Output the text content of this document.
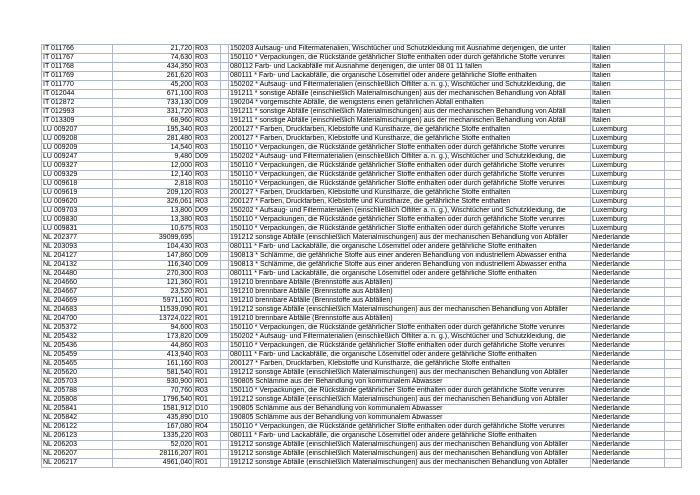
IT 011766	21,720	R03		150203 Aufsaug- und Filtermaterialien, Wischtücher und Schutzkleidung mit Ausnahme derjenigen, die unter	Italien	
IT 011767	74,630	R03		150110 * Verpackungen, die Rückstände gefährlicher Stoffe enthalten oder durch gefährliche Stoffe verunrei	Italien	
IT 011768	434,350	R03		080112 Farb- und Lackabfälle mit Ausnahme derjenigen, die unter 08 01 11 fallen	Italien	
IT 011769	261,620	R03		080111 * Farb- und Lackabfälle, die organische Lösemittel oder andere gefährliche Stoffe enthalten	Italien	
IT 011770	45,200	R03		150202 * Aufsaug- und Filtermaterialien (einschließlich Ölfilter a. n. g.), Wischtücher und Schutzkleidung, die	Italien	
IT 012044	671,100	R03		191211 * sonstige Abfälle (einschließlich Materialmischungen) aus der mechanischen Behandlung von Abfäll	Italien	
IT 012872	733,130	D09		190204 * vorgemischte Abfälle, die wenigstens einen gefährlichen Abfall enthalten	Italien	
IT 012993	331,720	R03		191211 * sonstige Abfälle (einschließlich Materialmischungen) aus der mechanischen Behandlung von Abfäll	Italien	
IT 013309	68,960	R03		191211 * sonstige Abfälle (einschließlich Materialmischungen) aus der mechanischen Behandlung von Abfäll	Italien	
LU 009207	195,340	R03		200127 * Farben, Druckfarben, Klebstoffe und Kunstharze, die gefährliche Stoffe enthalten	Luxemburg	
LU 009208	281,480	R03		200127 * Farben, Druckfarben, Klebstoffe und Kunstharze, die gefährliche Stoffe enthalten	Luxemburg	
LU 009209	14,540	R03		150110 * Verpackungen, die Rückstände gefährlicher Stoffe enthalten oder durch gefährliche Stoffe verunrei	Luxemburg	
LU 009247	9,480	D09		150202 * Aufsaug- und Filtermaterialien (einschließlich Ölfilter a. n. g.), Wischtücher und Schutzkleidung, die	Luxemburg	
LU 009327	12,000	R03		150110 * Verpackungen, die Rückstände gefährlicher Stoffe enthalten oder durch gefährliche Stoffe verunrei	Luxemburg	
LU 009329	12,140	R03		150110 * Verpackungen, die Rückstände gefährlicher Stoffe enthalten oder durch gefährliche Stoffe verunrei	Luxemburg	
LU 009618	2,818	R03		150110 * Verpackungen, die Rückstände gefährlicher Stoffe enthalten oder durch gefährliche Stoffe verunrei	Luxemburg	
LU 009619	209,120	R03		200127 * Farben, Druckfarben, Klebstoffe und Kunstharze, die gefährliche Stoffe enthalten	Luxemburg	
LU 009620	326,061	R03		200127 * Farben, Druckfarben, Klebstoffe und Kunstharze, die gefährliche Stoffe enthalten	Luxemburg	
LU 009703	13,800	D09		150202 * Aufsaug- und Filtermaterialien (einschließlich Ölfilter a. n. g.), Wischtücher und Schutzkleidung, die	Luxemburg	
LU 009830	13,380	R03		150110 * Verpackungen, die Rückstände gefährlicher Stoffe enthalten oder durch gefährliche Stoffe verunrei	Luxemburg	
LU 009831	10,675	R03		150110 * Verpackungen, die Rückstände gefährlicher Stoffe enthalten oder durch gefährliche Stoffe verunrei	Luxemburg	
NL 202377	39099,695			191212 sonstige Abfälle (einschließlich Materialmischungen) aus der mechanischen Behandlung von Abfäller	Niederlande	
NL 203093	104,430	R03		080111 * Farb- und Lackabfälle, die organische Lösemittel oder andere gefährliche Stoffe enthalten	Niederlande	
NL 204127	147,860	D09		190813 * Schlämme, die gefährliche Stoffe aus einer anderen Behandlung von industriellem Abwasser entha	Niederlande	
NL 204132	116,340	D09		190813 * Schlämme, die gefährliche Stoffe aus einer anderen Behandlung von industriellem Abwasser entha	Niederlande	
NL 204480	270,300	R03		080111 * Farb- und Lackabfälle, die organische Lösemittel oder andere gefährliche Stoffe enthalten	Niederlande	
NL 204660	121,360	R01		191210 brennbare Abfälle (Brennstoffe aus Abfällen)	Niederlande	
NL 204667	23,520	R01		191210 brennbare Abfälle (Brennstoffe aus Abfällen)	Niederlande	
NL 204669	5971,160	R01		191210 brennbare Abfälle (Brennstoffe aus Abfällen)	Niederlande	
NL 204683	11539,090	R01		191212 sonstige Abfälle (einschließlich Materialmischungen) aus der mechanischen Behandlung von Abfäller	Niederlande	
NL 204700	13724,022	R01		191210 brennbare Abfälle (Brennstoffe aus Abfällen)	Niederlande	
NL 205372	94,600	R03		150110 * Verpackungen, die Rückstände gefährlicher Stoffe enthalten oder durch gefährliche Stoffe verunrei	Niederlande	
NL 205432	173,820	D09		150202 * Aufsaug- und Filtermaterialien (einschließlich Ölfilter a. n. g.), Wischtücher und Schutzkleidung, die	Niederlande	
NL 205436	44,860	R03		150110 * Verpackungen, die Rückstände gefährlicher Stoffe enthalten oder durch gefährliche Stoffe verunrei	Niederlande	
NL 205459	413,940	R03		080111 * Farb- und Lackabfälle, die organische Lösemittel oder andere gefährliche Stoffe enthalten	Niederlande	
NL 205465	161,160	R03		200127 * Farben, Druckfarben, Klebstoffe und Kunstharze, die gefährliche Stoffe enthalten	Niederlande	
NL 205620	581,540	R01		191212 sonstige Abfälle (einschließlich Materialmischungen) aus der mechanischen Behandlung von Abfäller	Niederlande	
NL 205703	930,900	R01		190805 Schlämme aus der Behandlung von kommunalem Abwasser	Niederlande	
NL 205788	70,760	R03		150110 * Verpackungen, die Rückstände gefährlicher Stoffe enthalten oder durch gefährliche Stoffe verunrei	Niederlande	
NL 205808	1796,540	R01		191212 sonstige Abfälle (einschließlich Materialmischungen) aus der mechanischen Behandlung von Abfäller	Niederlande	
NL 205841	1581,912	D10		190805 Schlämme aus der Behandlung von kommunalem Abwasser	Niederlande	
NL 205842	435,890	D10		190805 Schlämme aus der Behandlung von kommunalem Abwasser	Niederlande	
NL 206122	167,080	R04		150110 * Verpackungen, die Rückstände gefährlicher Stoffe enthalten oder durch gefährliche Stoffe verunrei	Niederlande	
NL 206123	1335,220	R03		080111 * Farb- und Lackabfälle, die organische Lösemittel oder andere gefährliche Stoffe enthalten	Niederlande	
NL 206203	52,020	R01		191212 sonstige Abfälle (einschließlich Materialmischungen) aus der mechanischen Behandlung von Abfäller	Niederlande	
NL 206207	28116,207	R01		191212 sonstige Abfälle (einschließlich Materialmischungen) aus der mechanischen Behandlung von Abfäller	Niederlande	
NL 206217	4961,040	R01		191212 sonstige Abfälle (einschließlich Materialmischungen) aus der mechanischen Behandlung von Abfäller	Niederlande	
